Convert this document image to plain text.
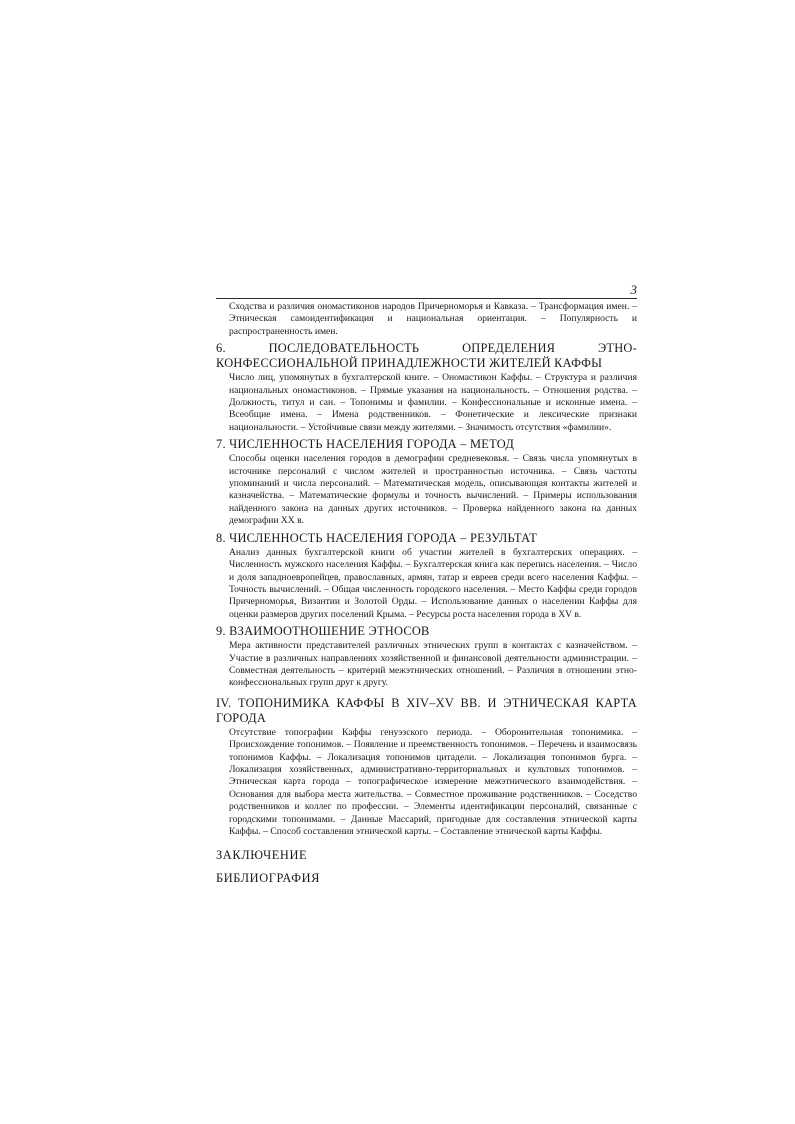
3

Сходства и различия ономастиконов народов Причерноморья и Кавказа. – Трансформация имен. – Этническая самоидентификация и национальная ориентация. – Популярность и распространенность имен.

6. ПОСЛЕДОВАТЕЛЬНОСТЬ ОПРЕДЕЛЕНИЯ ЭТНО-КОНФЕССИОНАЛЬНОЙ ПРИНАДЛЕЖНОСТИ ЖИТЕЛЕЙ КАФФЫ

Число лиц, упомянутых в бухгалтерской книге. – Ономастикон Каффы. – Структура и различия национальных ономастиконов. – Прямые указания на национальность. – Отношения родства. – Должность, титул и сан. – Топонимы и фамилии. – Конфессиональные и исконные имена. – Всеобщие имена. – Имена родственников. – Фонетические и лексические признаки национальности. – Устойчивые связи между жителями. – Значимость отсутствия «фамилии».

7. ЧИСЛЕННОСТЬ НАСЕЛЕНИЯ ГОРОДА – МЕТОД

Способы оценки населения городов в демографии средневековья. – Связь числа упомянутых в источнике персоналий с числом жителей и пространностью источника. – Связь частоты упоминаний и числа персоналий. – Математическая модель, описывающая контакты жителей и казначейства. – Математические формулы и точность вычислений. – Примеры использования найденного закона на данных других источников. – Проверка найденного закона на данных демографии XX в.

8. ЧИСЛЕННОСТЬ НАСЕЛЕНИЯ ГОРОДА – РЕЗУЛЬТАТ

Анализ данных бухгалтерской книги об участии жителей в бухгалтерских операциях. – Численность мужского населения Каффы. – Бухгалтерская книга как перепись населения. – Число и доля западноевропейцев, православных, армян, татар и евреев среди всего населения Каффы. – Точность вычислений. – Общая численность городского населения. – Место Каффы среди городов Причерноморья, Византии и Золотой Орды. – Использование данных о населении Каффы для оценки размеров других поселений Крыма. – Ресурсы роста населения города в XV в.

9. ВЗАИМООТНОШЕНИЕ ЭТНОСОВ

Мера активности представителей различных этнических групп в контактах с казначейством. – Участие в различных направлениях хозяйственной и финансовой деятельности администрации. – Совместная деятельность – критерий межэтнических отношений. – Различия в отношении этно-конфессиональных групп друг к другу.

IV. ТОПОНИМИКА КАФФЫ В XIV–XV ВВ. И ЭТНИЧЕСКАЯ КАРТА ГОРОДА

Отсутствие топографии Каффы генуэзского периода. – Оборонительная топонимика. – Происхождение топонимов. – Появление и преемственность топонимов. – Перечень и взаимосвязь топонимов Каффы. – Локализация топонимов цитадели. – Локализация топонимов бурга. – Локализация хозяйственных, административно-территориальных и культовых топонимов. – Этническая карта города – топографическое измерение межэтнического взаимодействия. – Основания для выбора места жительства. – Совместное проживание родственников. – Соседство родственников и коллег по профессии. – Элементы идентификации персоналий, связанные с городскими топонимами. – Данные Массарий, пригодные для составления этнической карты Каффы. – Способ составления этнической карты. – Составление этнической карты Каффы.

ЗАКЛЮЧЕНИЕ
БИБЛИОГРАФИЯ
